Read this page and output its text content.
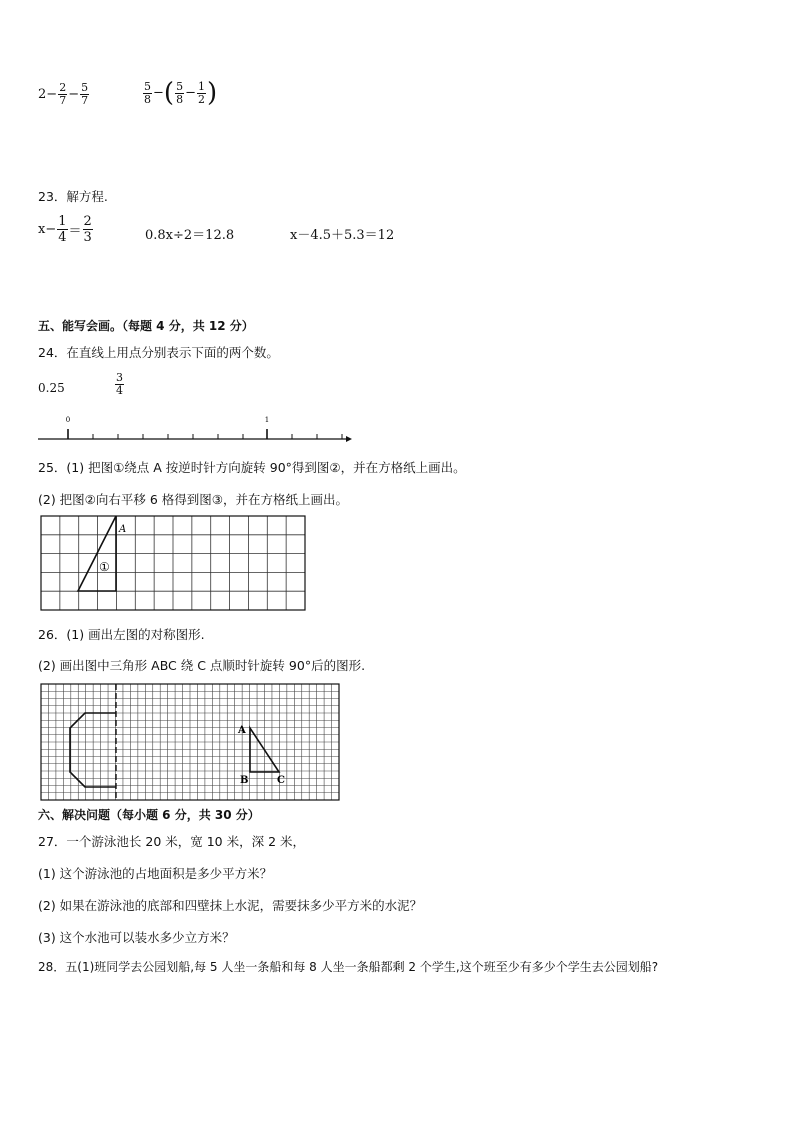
$2- \frac{2}{7} - \frac{5}{7}$	$\frac{5}{8}$ −( $\frac{5}{8} - \frac{1}{2}$ )
23．解方程.
$x- \frac{1}{4} = \frac{2}{3}$	0.8x÷2＝12.8	x－4.5＋5.3＝12
五、能写会画。（每题 4 分，共 12 分）
24．在直线上用点分别表示下面的两个数。
0.25	$\frac{3}{4}$
0	1
25．(1) 把图①绕点 A 按逆时针方向旋转 90°得到图②，并在方格纸上画出。
(2) 把图②向右平移 6 格得到图③，并在方格纸上画出。
A
①
26．(1) 画出左图的对称图形.
(2) 画出图中三角形 ABC 绕 C 点顺时针旋转 90°后的图形.
A
B	C
六、解决问题（每小题 6 分，共 30 分）
27．一个游泳池长 20 米，宽 10 米，深 2 米，
(1) 这个游泳池的占地面积是多少平方米？
(2) 如果在游泳池的底部和四壁抹上水泥，需要抹多少平方米的水泥？
(3) 这个水池可以装水多少立方米？
28．五(1)班同学去公园划船,每 5 人坐一条船和每 8 人坐一条船都剩 2 个学生,这个班至少有多少个学生去公园划船?
